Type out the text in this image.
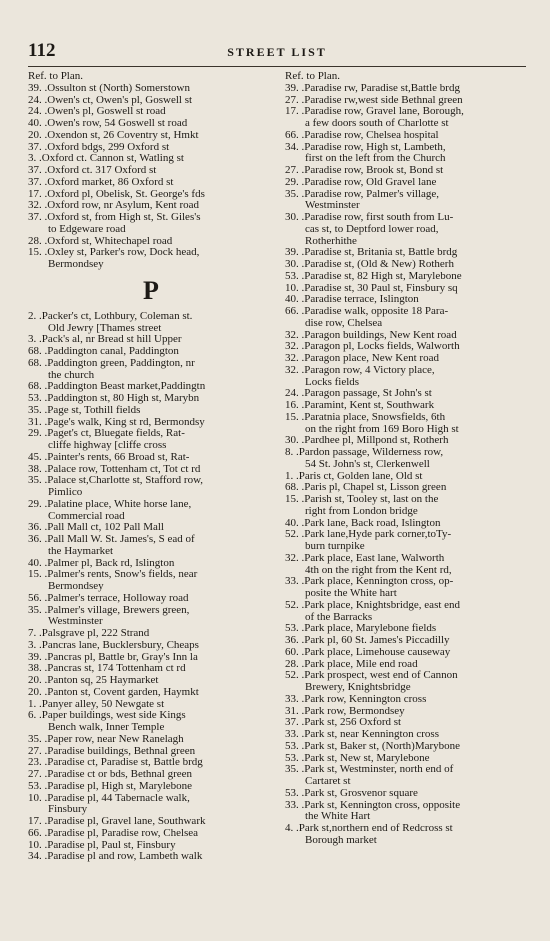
112	STREET LIST
Ref. to Plan.
39. .Ossulton st (North) Somerstown
24. .Owen's ct, Owen's pl, Goswell st
24. .Owen's pl, Goswell st road
40. .Owen's row, 54 Goswell st road
20. .Oxendon st, 26 Coventry st, Hmkt
37. .Oxford bdgs, 299 Oxford st
3. .Oxford ct. Cannon st, Watling st
37. .Oxford ct. 317 Oxford st
37. .Oxford market, 86 Oxford st
17. .Oxford pl, Obelisk, St. George's fds
32. .Oxford row, nr Asylum, Kent road
37. .Oxford st, from High st, St. Giles's
to Edgeware road
28. .Oxford st, Whitechapel road
15. .Oxley st, Parker's row, Dock head,
Bermondsey
P
2. .Packer's ct, Lothbury, Coleman st.
Old Jewry [Thames street
3. .Pack's al, nr Bread st hill Upper
68. .Paddington canal, Paddington
68. .Paddington green, Paddington, nr
the church
68. .Paddington Beast market,Paddingtn
53. .Paddington st, 80 High st, Marybn
35. .Page st, Tothill fields
31. .Page's walk, King st rd, Bermondsy
29. .Paget's ct, Bluegate fields, Rat-
cliffe highway [cliffe cross
45. .Painter's rents, 66 Broad st, Rat-
38. .Palace row, Tottenham ct, Tot ct rd
35. .Palace st,Charlotte st, Stafford row,
Pimlico
29. .Palatine place, White horse lane,
Commercial road
36. .Pall Mall ct, 102 Pall Mall
36. .Pall Mall W. St. James's, S ead of
the Haymarket
40. .Palmer pl, Back rd, Islington
15. .Palmer's rents, Snow's fields, near
Bermondsey
56. .Palmer's terrace, Holloway road
35. .Palmer's village, Brewers green,
Westminster
7. .Palsgrave pl, 222 Strand
3. .Pancras lane, Bucklersbury, Cheaps
39. .Pancras pl, Battle br, Gray's Inn la
38. .Pancras st, 174 Tottenham ct rd
20. .Panton sq, 25 Haymarket
20. .Panton st, Covent garden, Haymkt
1. .Panyer alley, 50 Newgate st
6. .Paper buildings, west side Kings
Bench walk, Inner Temple
35. .Paper row, near New Ranelagh
27. .Paradise buildings, Bethnal green
23. .Paradise ct, Paradise st, Battle brdg
27. .Paradise ct or bds, Bethnal green
53. .Paradise pl, High st, Marylebone
10. .Paradise pl, 44 Tabernacle walk,
Finsbury
17. .Paradise pl, Gravel lane, Southwark
66. .Paradise pl, Paradise row, Chelsea
10. .Paradise pl, Paul st, Finsbury
34. .Paradise pl and row, Lambeth walk
Ref. to Plan.
39. .Paradise rw, Paradise st,Battle brdg
27. .Paradise rw,west side Bethnal green
17. .Paradise row, Gravel lane, Borough,
a few doors south of Charlotte st
66. .Paradise row, Chelsea hospital
34. .Paradise row, High st, Lambeth,
first on the left from the Church
27. .Paradise row, Brook st, Bond st
29. .Paradise row, Old Gravel lane
35. .Paradise row, Palmer's village,
Westminster
30. .Paradise row, first south from Lu-
cas st, to Deptford lower road,
Rotherhithe
39. .Paradise st, Britania st, Battle brdg
30. .Paradise st, (Old & New) Rotherh
53. .Paradise st, 82 High st, Marylebone
10. .Paradise st, 30 Paul st, Finsbury sq
40. .Paradise terrace, Islington
66. .Paradise walk, opposite 18 Para-
dise row, Chelsea
32. .Paragon buildings, New Kent road
32. .Paragon pl, Locks fields, Walworth
32. .Paragon place, New Kent road
32. .Paragon row, 4 Victory place,
Locks fields
24. .Paragon passage, St John's st
16. .Paramint, Kent st, Southwark
15. .Paratnia place, Snowsfields, 6th
on the right from 169 Boro High st
30. .Pardhee pl, Millpond st, Rotherh
8. .Pardon passage, Wilderness row,
54 St. John's st, Clerkenwell
1. .Paris ct, Golden lane, Old st
68. .Paris pl, Chapel st, Lisson green
15. .Parish st, Tooley st, last on the
right from London bridge
40. .Park lane, Back road, Islington
52. .Park lane,Hyde park corner,toTy-
burn turnpike
32. .Park place, East lane, Walworth
4th on the right from the Kent rd,
33. .Park place, Kennington cross, op-
posite the White hart
52. .Park place, Knightsbridge, east end
of the Barracks
53. .Park place, Marylebone fields
36. .Park pl, 60 St. James's Piccadilly
60. .Park place, Limehouse causeway
28. .Park place, Mile end road
52. .Park prospect, west end of Cannon
Brewery, Knightsbridge
33. .Park row, Kennington cross
31. .Park row, Bermondsey
37. .Park st, 256 Oxford st
33. .Park st, near Kennington cross
53. .Park st, Baker st, (North)Marybone
53. .Park st, New st, Marylebone
35. .Park st, Westminster, north end of
Cartaret st
53. .Park st, Grosvenor square
33. .Park st, Kennington cross, opposite
the White Hart
4. .Park st,northern end of Redcross st
Borough market
